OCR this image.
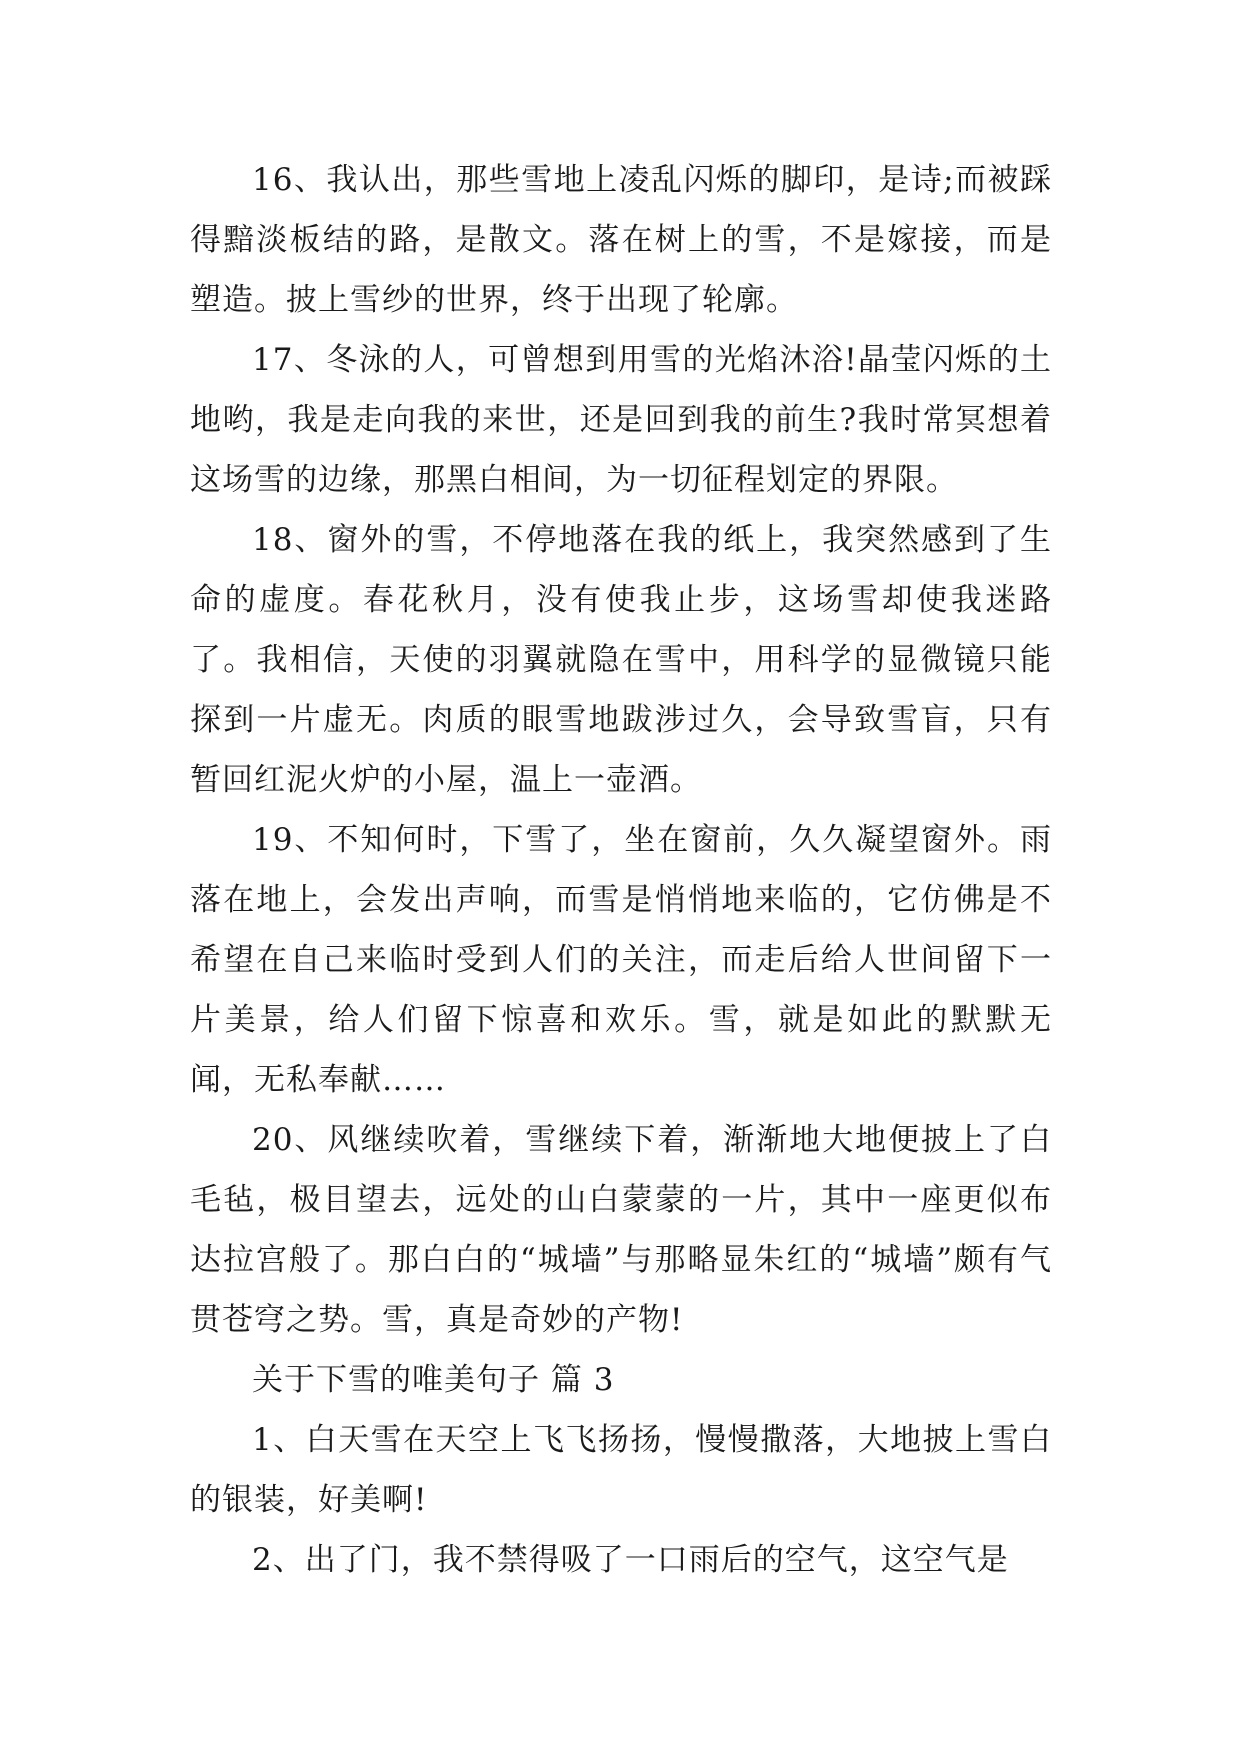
16、我认出，那些雪地上凌乱闪烁的脚印，是诗;而被踩得黯淡板结的路，是散文。落在树上的雪，不是嫁接，而是塑造。披上雪纱的世界，终于出现了轮廓。

17、冬泳的人，可曾想到用雪的光焰沐浴!晶莹闪烁的土地哟，我是走向我的来世，还是回到我的前生?我时常冥想着这场雪的边缘，那黑白相间，为一切征程划定的界限。

18、窗外的雪，不停地落在我的纸上，我突然感到了生命的虚度。春花秋月，没有使我止步，这场雪却使我迷路了。我相信，天使的羽翼就隐在雪中，用科学的显微镜只能探到一片虚无。肉质的眼雪地跋涉过久，会导致雪盲，只有暂回红泥火炉的小屋，温上一壶酒。

19、不知何时，下雪了，坐在窗前，久久凝望窗外。雨落在地上，会发出声响，而雪是悄悄地来临的，它仿佛是不希望在自己来临时受到人们的关注，而走后给人世间留下一片美景，给人们留下惊喜和欢乐。雪，就是如此的默默无闻，无私奉献……

20、风继续吹着，雪继续下着，渐渐地大地便披上了白毛毡，极目望去，远处的山白蒙蒙的一片，其中一座更似布达拉宫般了。那白白的“城墙”与那略显朱红的“城墙”颇有气贯苍穹之势。雪，真是奇妙的产物!

关于下雪的唯美句子 篇 3

1、白天雪在天空上飞飞扬扬，慢慢撒落，大地披上雪白的银装，好美啊!

2、出了门，我不禁得吸了一口雨后的空气，这空气是
